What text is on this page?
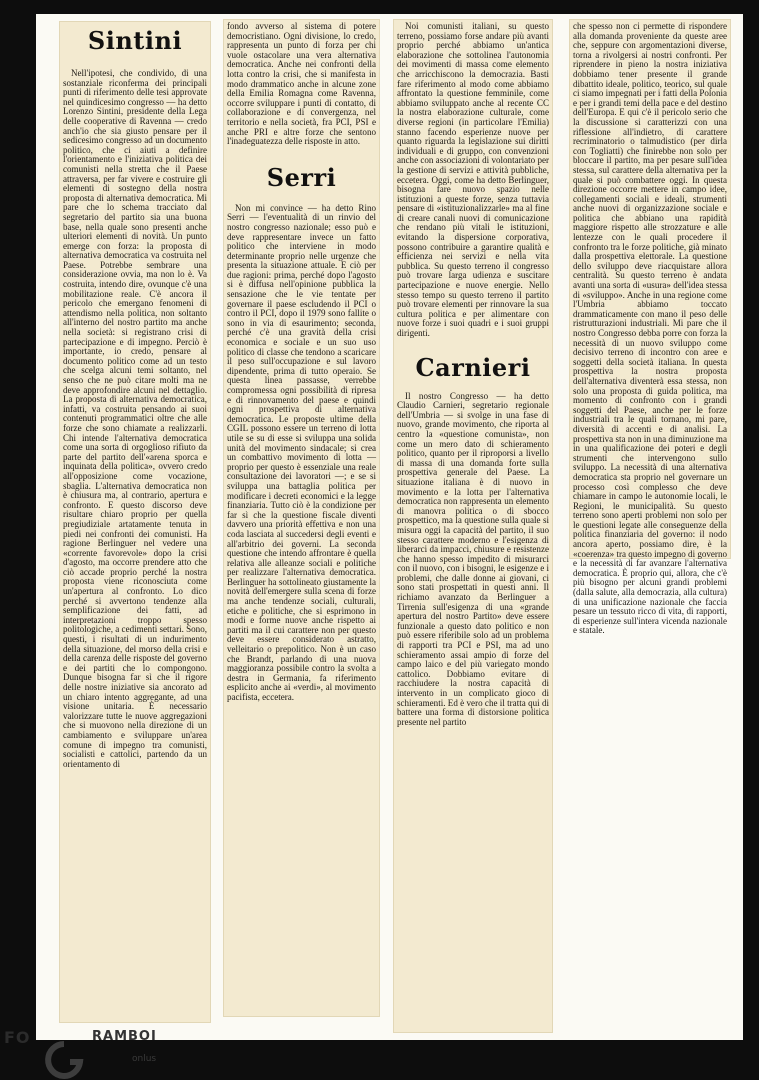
Sintini

Nell'ipotesi, che condivido, di una sostanziale riconferma dei principali punti di riferimento delle tesi approvate nel quindicesimo congresso — ha detto Lorenzo Sintini, presidente della Lega delle cooperative di Ravenna — credo anch'io che sia giusto pensare per il sedicesimo congresso ad un documento politico, che ci aiuti a definire l'orientamento e l'iniziativa politica dei comunisti nella stretta che il Paese attraversa, per far vivere e costruire gli elementi di sostegno della nostra proposta di alternativa democratica. Mi pare che lo schema tracciato dal segretario del partito sia una buona base, nella quale sono presenti anche ulteriori elementi di novità. Un punto emerge con forza: la proposta di alternativa democratica va costruita nel Paese. Potrebbe sembrare una considerazione ovvia, ma non lo è. Va costruita, intendo dire, ovunque c'è una mobilitazione reale. C'è ancora il pericolo che emergano fenomeni di attendismo nella politica, non soltanto all'interno del nostro partito ma anche nella società: si registrano crisi di partecipazione e di impegno. Perciò è importante, io credo, pensare al documento politico come ad un testo che scelga alcuni temi soltanto, nel senso che ne può citare molti ma ne deve approfondire alcuni nel dettaglio. La proposta di alternativa democratica, infatti, va costruita pensando ai suoi contenuti programmatici oltre che alle forze che sono chiamate a realizzarli. Chi intende l'alternativa democratica come una sorta di orgoglioso rifiuto da parte del partito dell'«arena sporca e inquinata della politica», ovvero credo all'opposizione come vocazione, sbaglia. L'alternativa democratica non è chiusura ma, al contrario, apertura e confronto. E questo discorso deve risultare chiaro proprio per quella pregiudiziale artatamente tenuta in piedi nei confronti dei comunisti. Ha ragione Berlinguer nel vedere una «corrente favorevole» dopo la crisi d'agosto, ma occorre prendere atto che ciò accade proprio perché la nostra proposta viene riconosciuta come un'apertura al confronto. Lo dico perché si avvertono tendenze alla semplificazione dei fatti, ad interpretazioni troppo spesso politologiche, a cedimenti settari. Sono, questi, i risultati di un indurimento della situazione, del morso della crisi e della carenza delle risposte del governo e dei partiti che lo compongono. Dunque bisogna far sì che il rigore delle nostre iniziative sia ancorato ad un chiaro intento aggregante, ad una visione unitaria. È necessario valorizzare tutte le nuove aggregazioni che si muovono nella direzione di un cambiamento e sviluppare un'area comune di impegno tra comunisti, socialisti e cattolici, partendo da un orientamento di

fondo avverso al sistema di potere democristiano. Ogni divisione, lo credo, rappresenta un punto di forza per chi vuole ostacolare una vera alternativa democratica. Anche nei confronti della lotta contro la crisi, che si manifesta in modo drammatico anche in alcune zone della Emilia Romagna come Ravenna, occorre sviluppare i punti di contatto, di collaborazione e di convergenza, nel territorio e nella società, fra PCI, PSI e anche PRI e altre forze che sentono l'inadeguatezza delle risposte in atto.

Serri

Non mi convince — ha detto Rino Serri — l'eventualità di un rinvio del nostro congresso nazionale; esso può e deve rappresentare invece un fatto politico che interviene in modo determinante proprio nelle urgenze che presenta la situazione attuale. E ciò per due ragioni: prima, perché dopo l'agosto si è diffusa nell'opinione pubblica la sensazione che le vie tentate per governare il paese escludendo il PCI o contro il PCI, dopo il 1979 sono fallite o sono in via di esaurimento; seconda, perché c'è una gravità della crisi economica e sociale e un suo uso politico di classe che tendono a scaricare il peso sull'occupazione e sul lavoro dipendente, prima di tutto operaio. Se questa linea passasse, verrebbe compromessa ogni possibilità di ripresa e di rinnovamento del paese e quindi ogni prospettiva di alternativa democratica. Le proposte ultime della CGIL possono essere un terreno di lotta utile se su di esse si sviluppa una solida unità del movimento sindacale; si crea un combattivo movimento di lotta — proprio per questo è essenziale una reale consultazione dei lavoratori —; e se si sviluppa una battaglia politica per modificare i decreti economici e la legge finanziaria. Tutto ciò è la condizione per far sì che la questione fiscale diventi davvero una priorità effettiva e non una coda lasciata al succedersi degli eventi e all'arbitrio dei governi. La seconda questione che intendo affrontare è quella relativa alle alleanze sociali e politiche per realizzare l'alternativa democratica. Berlinguer ha sottolineato giustamente la novità dell'emergere sulla scena di forze ma anche tendenze sociali, culturali, etiche e politiche, che si esprimono in modi e forme nuove anche rispetto ai partiti ma il cui carattere non per questo deve essere considerato astratto, velleitario o prepolitico. Non è un caso che Brandt, parlando di una nuova maggioranza possibile contro la svolta a destra in Germania, fa riferimento esplicito anche ai «verdi», al movimento pacifista, eccetera.

Noi comunisti italiani, su questo terreno, possiamo forse andare più avanti proprio perché abbiamo un'antica elaborazione che sottolinea l'autonomia dei movimenti di massa come elemento che arricchiscono la democrazia. Basti fare riferimento al modo come abbiamo affrontato la questione femminile, come abbiamo sviluppato anche al recente CC la nostra elaborazione culturale, come diverse regioni (in particolare l'Emilia) stanno facendo esperienze nuove per quanto riguarda la legislazione sui diritti individuali e di gruppo, con convenzioni anche con associazioni di volontariato per la gestione di servizi e attività pubbliche, eccetera. Oggi, come ha detto Berlinguer, bisogna fare nuovo spazio nelle istituzioni a queste forze, senza tuttavia pensare di «istituzionalizzarle» ma al fine di creare canali nuovi di comunicazione che rendano più vitali le istituzioni, evitando la dispersione corporativa, possono contribuire a garantire qualità e efficienza nei servizi e nella vita pubblica. Su questo terreno il congresso può trovare larga udienza e suscitare partecipazione e nuove energie. Nello stesso tempo su questo terreno il partito può trovare elementi per rinnovare la sua cultura politica e per alimentare con nuove forze i suoi quadri e i suoi gruppi dirigenti.

Carnieri

Il nostro Congresso — ha detto Claudio Carnieri, segretario regionale dell'Umbria — si svolge in una fase di nuovo, grande movimento, che riporta al centro la «questione comunista», non come un mero dato di schieramento politico, quanto per il riproporsi a livello di massa di una domanda forte sulla prospettiva generale del Paese. La situazione italiana è di nuovo in movimento e la lotta per l'alternativa democratica non rappresenta un elemento di manovra politica o di sbocco prospettico, ma la questione sulla quale si misura oggi la capacità del partito, il suo stesso carattere moderno e l'esigenza di liberarci da impacci, chiusure e resistenze che hanno spesso impedito di misurarci con il nuovo, con i bisogni, le esigenze e i problemi, che dalle donne ai giovani, ci sono stati prospettati in questi anni. Il richiamo avanzato da Berlinguer a Tirrenia sull'esigenza di una «grande apertura del nostro Partito» deve essere funzionale a questo dato politico e non può essere riferibile solo ad un problema di rapporti tra PCI e PSI, ma ad uno schieramento assai ampio di forze del campo laico e del più variegato mondo cattolico. Dobbiamo evitare di racchiudere la nostra capacità di intervento in un complicato gioco di schieramenti. Ed è vero che il tratta qui di battere una forma di distorsione politica presente nel partito

che spesso non ci permette di rispondere alla domanda proveniente da queste aree che, seppure con argomentazioni diverse, torna a rivolgersi ai nostri confronti. Per riprendere in pieno la nostra iniziativa dobbiamo tener presente il grande dibattito ideale, politico, teorico, sul quale ci siamo impegnati per i fatti della Polonia e per i grandi temi della pace e del destino dell'Europa. E qui c'è il pericolo serio che la discussione si caratterizzi con una riflessione all'indietro, di carattere recriminatorio o talmudistico (per dirla con Togliatti) che finirebbe non solo per bloccare il partito, ma per pesare sull'idea stessa, sul carattere della alternativa per la quale si può combattere oggi. In questa direzione occorre mettere in campo idee, collegamenti sociali e ideali, strumenti anche nuovi di organizzazione sociale e politica che abbiano una rapidità maggiore rispetto alle strozzature e alle lentezze con le quali procedere il confronto tra le forze politiche, già minato dalla prospettiva elettorale. La questione dello sviluppo deve riacquistare allora centralità. Su questo terreno è andata avanti una sorta di «usura» dell'idea stessa di «sviluppo». Anche in una regione come l'Umbria abbiamo toccato drammaticamente con mano il peso delle ristrutturazioni industriali. Mi pare che il nostro Congresso debba porre con forza la necessità di un nuovo sviluppo come decisivo terreno di incontro con aree e soggetti della società italiana. In questa prospettiva la nostra proposta dell'alternativa diventerà essa stessa, non solo una proposta di guida politica, ma momento di confronto con i grandi soggetti del Paese, anche per le forze industriali tra le quali tornano, mi pare, diversità di accenti e di analisi. La prospettiva sta non in una diminuzione ma in una qualificazione dei poteri e degli strumenti che intervengono sullo sviluppo. La necessità di una alternativa democratica sta proprio nel governare un processo così complesso che deve chiamare in campo le autonomie locali, le Regioni, le municipalità. Su questo terreno sono aperti problemi non solo per le questioni legate alle conseguenze della politica finanziaria del governo: il nodo ancora aperto, possiamo dire, è la «coerenza» tra questo impegno di governo e la necessità di far avanzare l'alternativa democratica. È proprio qui, allora, che c'è più bisogno per alcuni grandi problemi (dalla salute, alla democrazia, alla cultura) di una unificazione nazionale che faccia pesare un tessuto ricco di vita, di rapporti, di esperienze sull'intera vicenda nazionale e statale.

FO	RAMBOI
onlus
